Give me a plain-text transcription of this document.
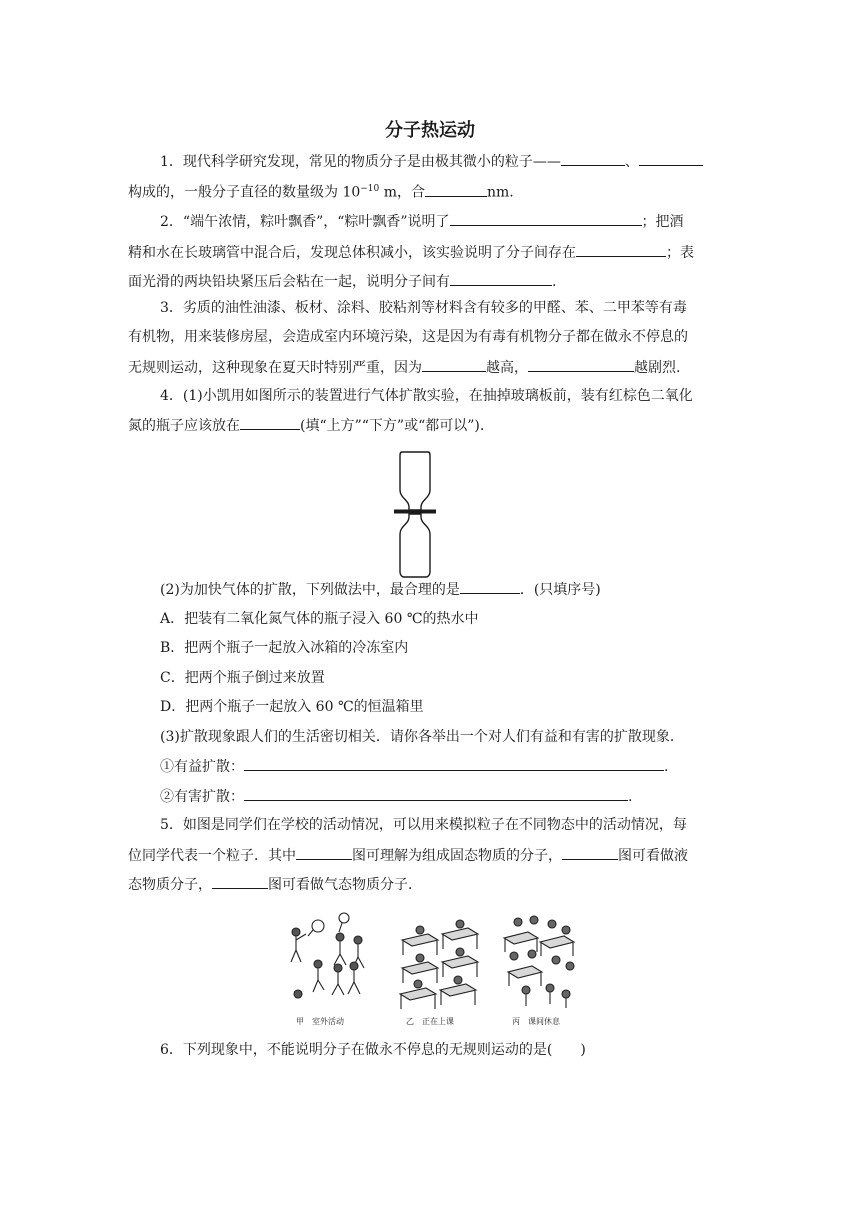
分子热运动
1．现代科学研究发现，常见的物质分子是由极其微小的粒子——	、
构成的，一般分子直径的数量级为 $10^{-10}$ m，合	nm.
2．“端午浓情，粽叶飘香”，“粽叶飘香”说明了	；把酒
精和水在长玻璃管中混合后，发现总体积减小，该实验说明了分子间存在	；表
面光滑的两块铅块紧压后会粘在一起，说明分子间有	.
3．劣质的油性油漆、板材、涂料、胶粘剂等材料含有较多的甲醛、苯、二甲苯等有毒
有机物，用来装修房屋，会造成室内环境污染，这是因为有毒有机物分子都在做永不停息的
无规则运动，这种现象在夏天时特别严重，因为	越高，	越剧烈.
4．(1)小凯用如图所示的装置进行气体扩散实验，在抽掉玻璃板前，装有红棕色二氧化
氮的瓶子应该放在	(填“上方”“下方”或“都可以”).
(2)为加快气体的扩散，下列做法中，最合理的是	．(只填序号)
A．把装有二氧化氮气体的瓶子浸入 60 ℃的热水中
B．把两个瓶子一起放入冰箱的冷冻室内
C．把两个瓶子倒过来放置
D．把两个瓶子一起放入 60 ℃的恒温箱里
(3)扩散现象跟人们的生活密切相关．请你各举出一个对人们有益和有害的扩散现象．
①有益扩散：	.
②有害扩散：	.
5．如图是同学们在学校的活动情况，可以用来模拟粒子在不同物态中的活动情况，每
位同学代表一个粒子．其中	图可理解为组成固态物质的分子，	图可看做液
态物质分子，	图可看做气态物质分子．
甲　室外活动	乙　正在上课	丙　课间休息
6．下列现象中，不能说明分子在做永不停息的无规则运动的是(　　)
